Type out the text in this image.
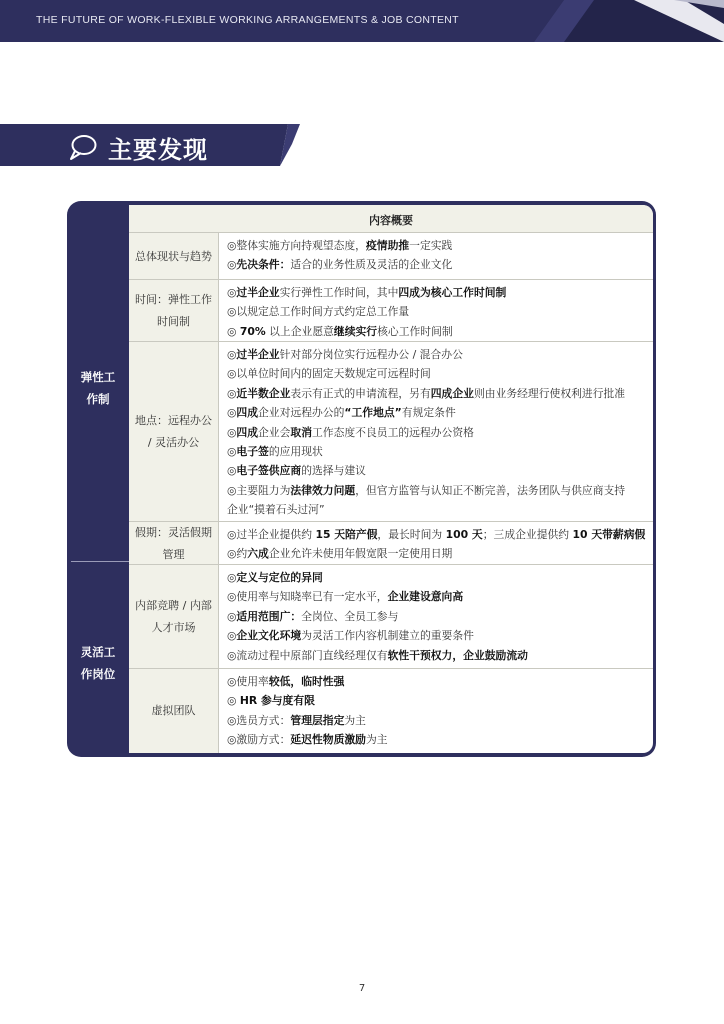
THE FUTURE OF WORK-FLEXIBLE WORKING ARRANGEMENTS & JOB CONTENT
主要发现
弹性工
作制
灵活工
作岗位
内容概要
总体现状与趋势
◎整体实施方向持观望态度，疫情助推一定实践
◎先决条件：适合的业务性质及灵活的企业文化
时间：弹性工作时间制
◎过半企业实行弹性工作时间，其中四成为核心工作时间制
◎以规定总工作时间方式约定总工作量
◎ 70% 以上企业愿意继续实行核心工作时间制
地点：远程办公 / 灵活办公
◎过半企业针对部分岗位实行远程办公 / 混合办公
◎以单位时间内的固定天数规定可远程时间
◎近半数企业表示有正式的申请流程，另有四成企业则由业务经理行使权利进行批准
◎四成企业对远程办公的“工作地点”有规定条件
◎四成企业会取消工作态度不良员工的远程办公资格
◎电子签的应用现状
◎电子签供应商的选择与建议
◎主要阻力为法律效力问题，但官方监管与认知正不断完善，法务团队与供应商支持
企业“摸着石头过河”
假期：灵活假期管理
◎过半企业提供约 15 天陪产假，最长时间为 100 天；三成企业提供约 10 天带薪病假
◎约六成企业允许未使用年假宽限一定使用日期
内部竞聘 / 内部人才市场
◎定义与定位的异同
◎使用率与知晓率已有一定水平，企业建设意向高
◎适用范围广：全岗位、全员工参与
◎企业文化环境为灵活工作内容机制建立的重要条件
◎流动过程中原部门直线经理仅有软性干预权力，企业鼓励流动
虚拟团队
◎使用率较低，临时性强
◎ HR 参与度有限
◎选员方式：管理层指定为主
◎激励方式：延迟性物质激励为主
7
